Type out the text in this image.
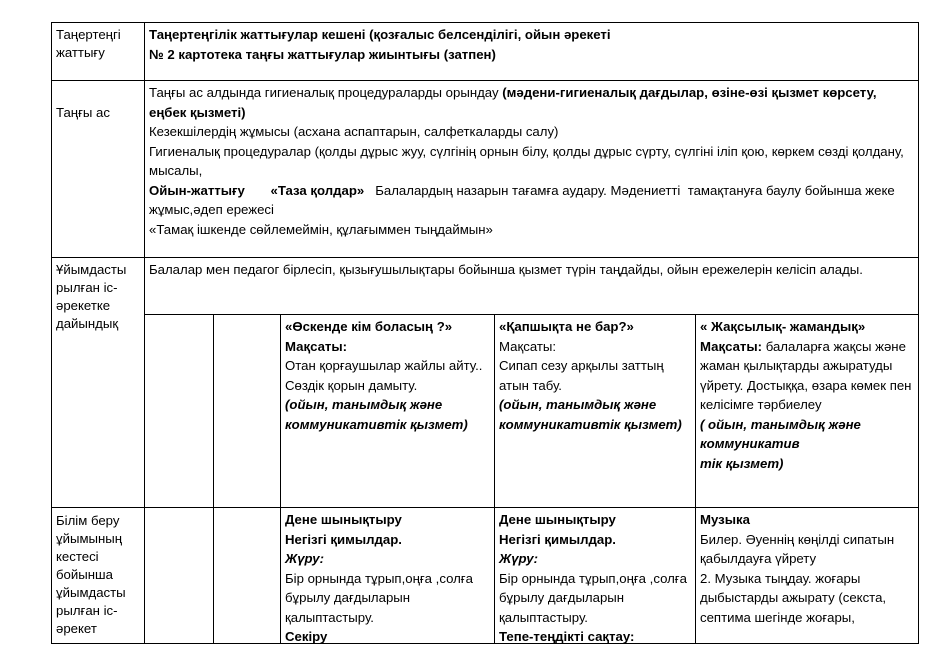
Таңертеңгі жаттығу

Таңертеңгілік жаттығулар кешені (қозғалыс белсенділігі, ойын әрекеті

№ 2 картотека таңғы жаттығулар жиынтығы (затпен)

Таңғы ас

Таңғы ас алдында гигиеналық процедураларды орындау (мәдени-гигиеналық дағдылар, өзіне-өзі қызмет көрсету, еңбек қызметі)

Кезекшілердің жұмысы (асхана аспаптарын, салфеткаларды салу)

Гигиеналық процедуралар (қолды дұрыс жуу, сүлгінің орнын білу, қолды дұрыс сүрту, сүлгіні іліп қою, көркем сөзді қолдану, мысалы,

Ойын-жаттығу «Таза қолдар» Балалардың назарын тағамға аудару. Мәдениетті  тамақтануға баулу бойынша жеке жұмыс,әдеп ережесі

«Тамақ ішкенде сөйлемеймін, құлағыммен тыңдаймын»

Ұйымдасты рылған іс-әрекетке дайындық

Балалар мен педагог бірлесіп, қызығушылықтары бойынша қызмет түрін таңдайды, ойын ережелерін келісіп алады.

«Өскенде кім боласың ?»

Мақсаты:

Отан қорғаушылар жайлы айту.. Сөздік қорын дамыту.

(ойын, танымдық және коммуникативтік қызмет)

«Қапшықта не бар?»

Мақсаты:

Сипап сезу арқылы заттың атын табу.

(ойын, танымдық және коммуникативтік қызмет)

« Жақсылық- жамандық»

Мақсаты: балаларға жақсы және жаман қылықтарды ажыратуды үйрету. Достыққа, өзара көмек пен келісімге тәрбиелеу

( ойын, танымдық және

коммуникатив

тік қызмет)

Білім беру ұйымының кестесі бойынша ұйымдасты рылған іс-әрекет

Дене шынықтыру

Негізгі қимылдар.

Жүру:

Бір орнында тұрып,оңға ,солға бұрылу дағдыларын қалыптастыру.

Секіру

Дене шынықтыру

Негізгі қимылдар.

Жүру:

Бір орнында тұрып,оңға ,солға бұрылу дағдыларын қалыптастыру.

Тепе-теңдікті сақтау:

Музыка

Билер. Әуеннің көңілді сипатын қабылдауға үйрету

2. Музыка тыңдау. жоғары дыбыстарды ажырату (секста, септима шегінде жоғары,
